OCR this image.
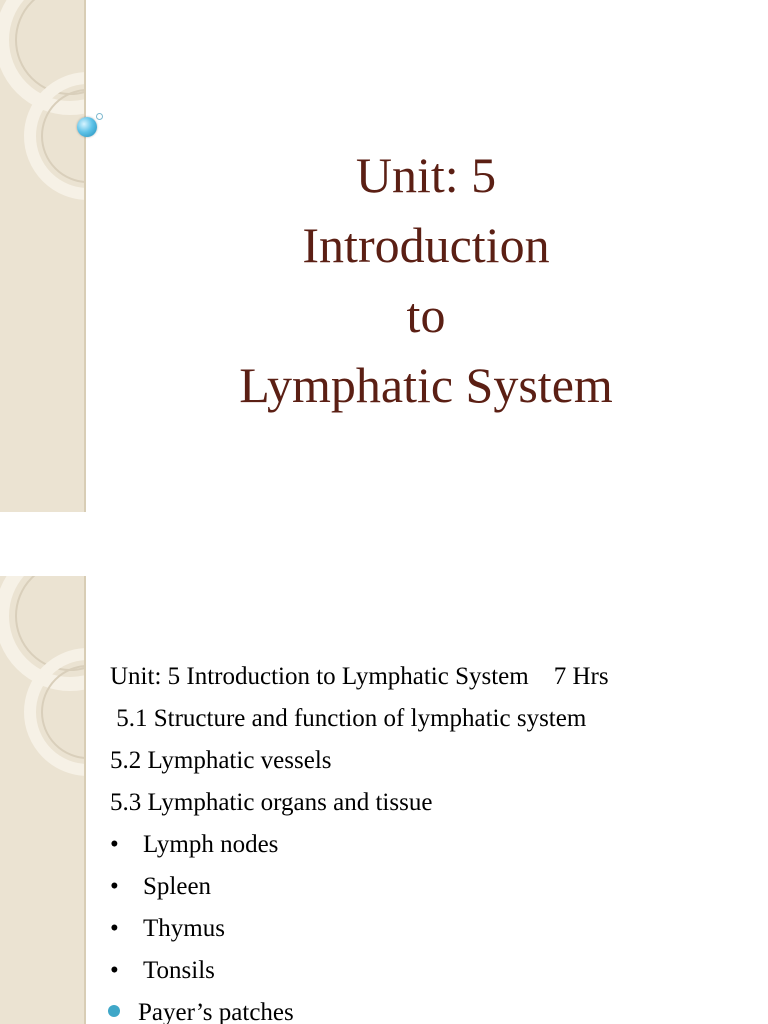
Unit: 5
Introduction
to
Lymphatic System
Unit: 5 Introduction to Lymphatic System    7 Hrs
5.1 Structure and function of lymphatic system
5.2 Lymphatic vessels
5.3 Lymphatic organs and tissue
• Lymph nodes
• Spleen
• Thymus
• Tonsils
Payer’s patches
